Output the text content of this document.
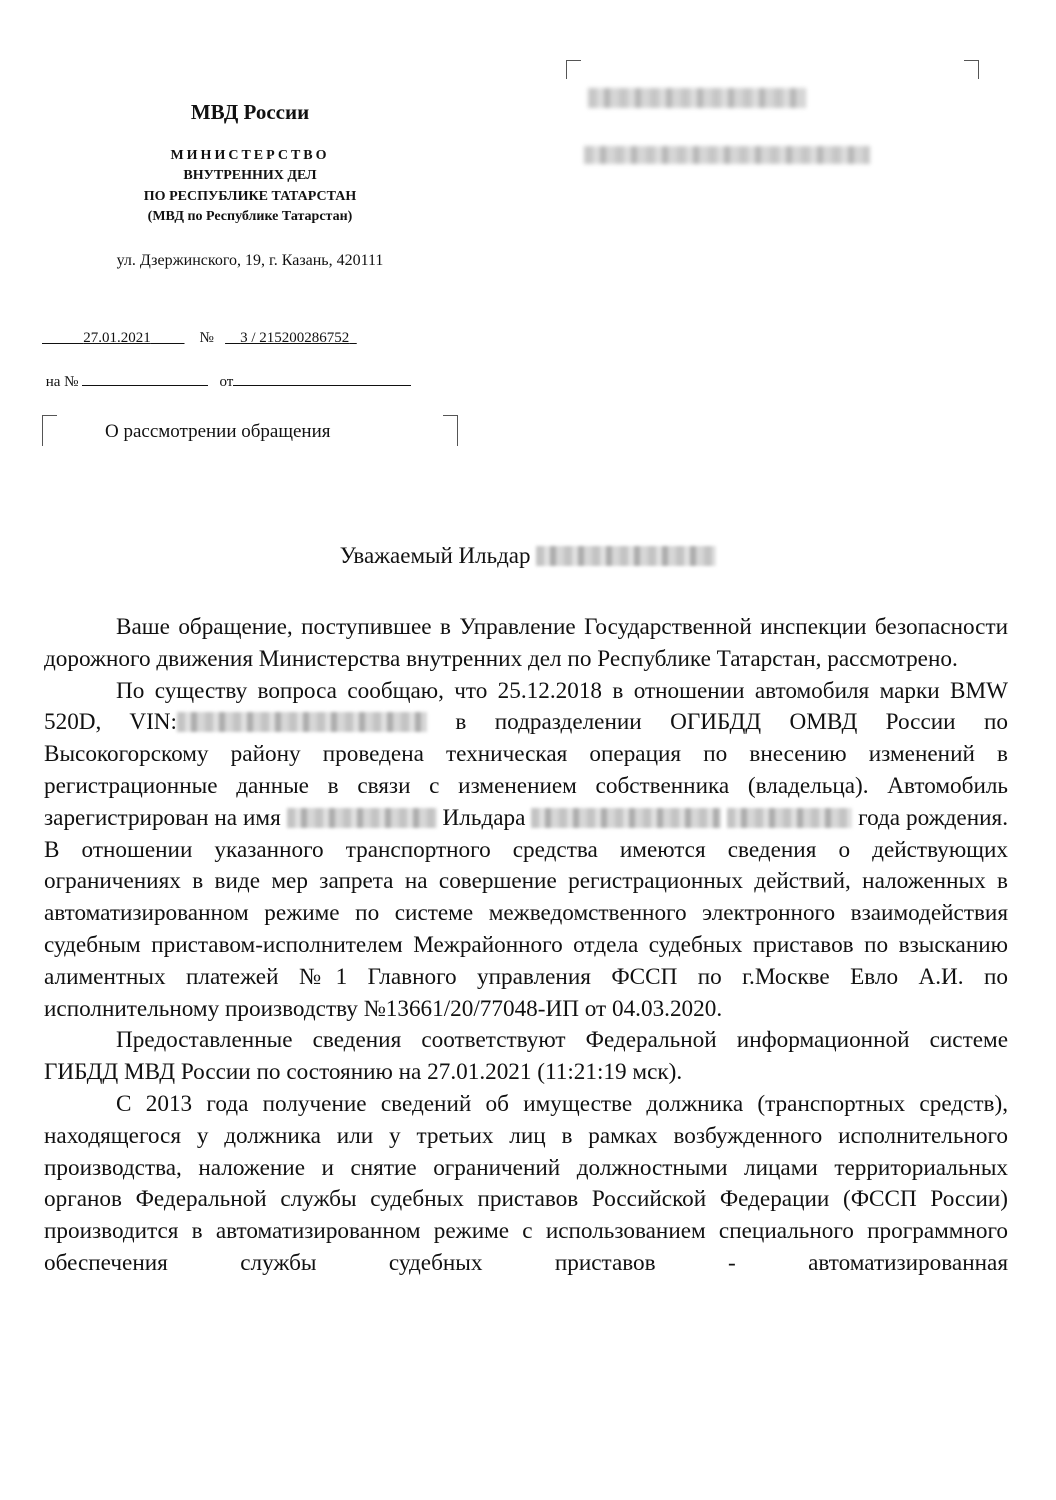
МВД России
МИНИСТЕРСТВО
ВНУТРЕННИХ ДЕЛ
ПО РЕСПУБЛИКЕ ТАТАРСТАН
(МВД по Республике Татарстан)
ул. Дзержинского, 19, г. Казань, 420111
27.01.2021	№ 3 / 215200286752
на №	от
О рассмотрении обращения
Уважаемый Ильдар

Ваше обращение, поступившее в Управление Государственной инспекции безопасности дорожного движения Министерства внутренних дел по Республике Татарстан, рассмотрено.

По существу вопроса сообщаю, что 25.12.2018 в отношении автомобиля марки BMW 520D, VIN:	в подразделении ОГИБДД ОМВД России по Высокогорскому району проведена техническая операция по внесению изменений в регистрационные данные в связи с изменением собственника (владельца). Автомобиль зарегистрирован на имя	Ильдара	года рождения. В отношении указанного транспортного средства имеются сведения о действующих ограничениях в виде мер запрета на совершение регистрационных действий, наложенных в автоматизированном режиме по системе межведомственного электронного взаимодействия судебным приставом-исполнителем Межрайонного отдела судебных приставов по взысканию алиментных платежей №1 Главного управления ФССП по г.Москве Евло А.И. по исполнительному производству №13661/20/77048-ИП от 04.03.2020.

Предоставленные сведения соответствуют Федеральной информационной системе ГИБДД МВД России по состоянию на 27.01.2021 (11:21:19 мск).

С 2013 года получение сведений об имуществе должника (транспортных средств), находящегося у должника или у третьих лиц в рамках возбужденного исполнительного производства, наложение и снятие ограничений должностными лицами территориальных органов Федеральной службы судебных приставов Российской Федерации (ФССП России) производится в автоматизированном режиме с использованием специального программного обеспечения службы судебных приставов - автоматизированная
